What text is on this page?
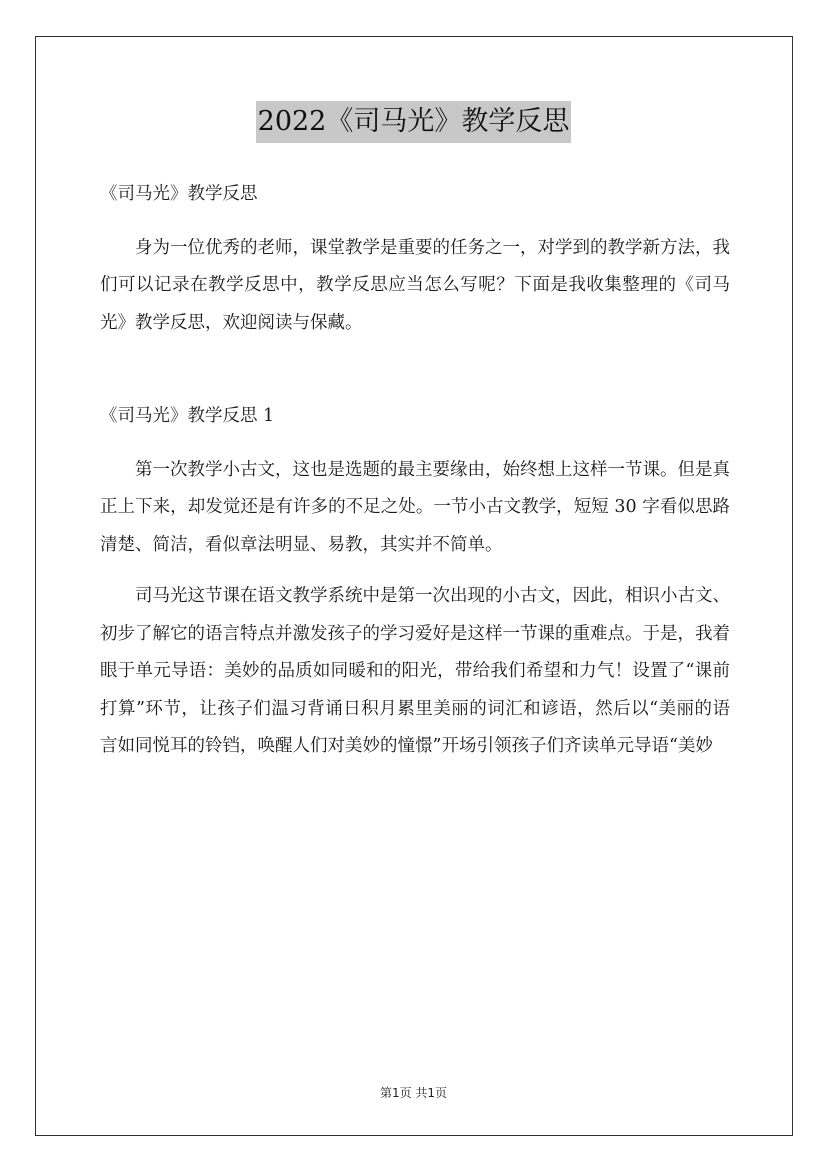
2022《司马光》教学反思

《司马光》教学反思

身为一位优秀的老师，课堂教学是重要的任务之一，对学到的教学新方法，我们可以记录在教学反思中，教学反思应当怎么写呢？下面是我收集整理的《司马光》教学反思，欢迎阅读与保藏。

《司马光》教学反思 1

第一次教学小古文，这也是选题的最主要缘由，始终想上这样一节课。但是真正上下来，却发觉还是有许多的不足之处。一节小古文教学，短短 30 字看似思路清楚、简洁，看似章法明显、易教，其实并不简单。

司马光这节课在语文教学系统中是第一次出现的小古文，因此，相识小古文、初步了解它的语言特点并激发孩子的学习爱好是这样一节课的重难点。于是，我着眼于单元导语：美妙的品质如同暖和的阳光，带给我们希望和力气！设置了“课前打算”环节，让孩子们温习背诵日积月累里美丽的词汇和谚语，然后以“美丽的语言如同悦耳的铃铛，唤醒人们对美妙的憧憬”开场引领孩子们齐读单元导语“美妙

第1页 共1页
